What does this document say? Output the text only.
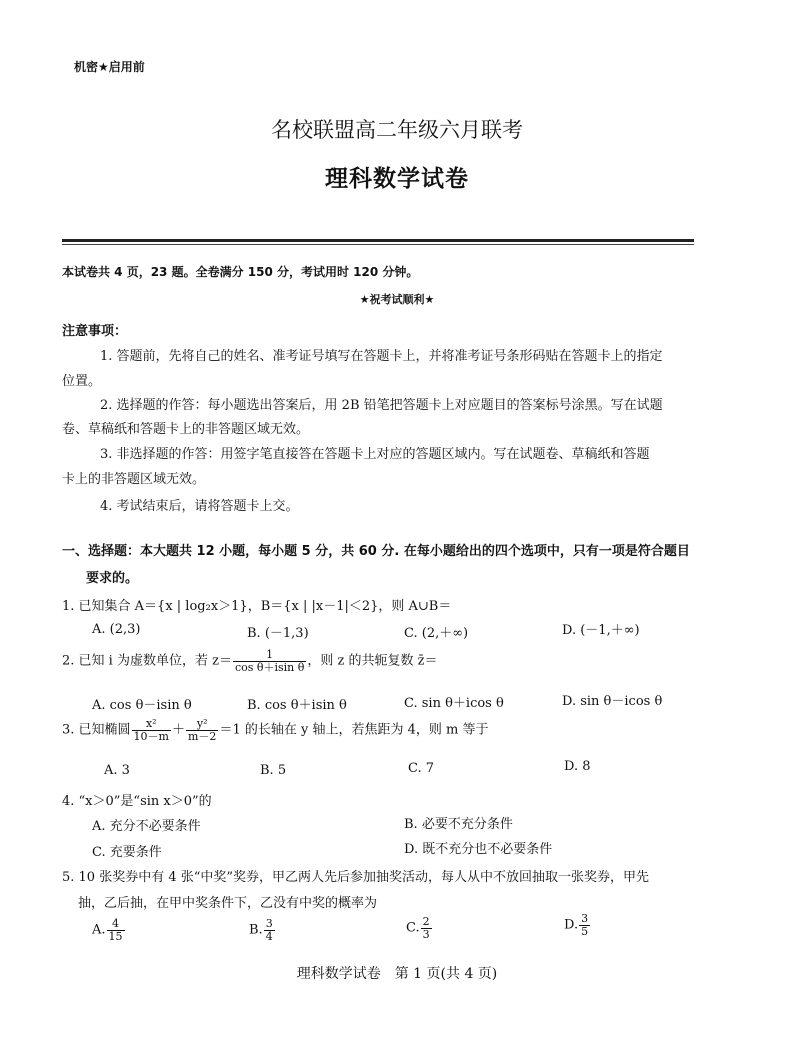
机密★启用前
名校联盟高二年级六月联考
理科数学试卷
本试卷共 4 页，23 题。全卷满分 150 分，考试用时 120 分钟。
★祝考试顺利★
注意事项：
1. 答题前，先将自己的姓名、准考证号填写在答题卡上，并将准考证号条形码贴在答题卡上的指定
位置。
2. 选择题的作答：每小题选出答案后，用 2B 铅笔把答题卡上对应题目的答案标号涂黑。写在试题
卷、草稿纸和答题卡上的非答题区域无效。
3. 非选择题的作答：用签字笔直接答在答题卡上对应的答题区域内。写在试题卷、草稿纸和答题
卡上的非答题区域无效。
4. 考试结束后，请将答题卡上交。
一、选择题：本大题共 12 小题，每小题 5 分，共 60 分. 在每小题给出的四个选项中，只有一项是符合题目
要求的。
1. 已知集合 A＝{x | log₂x＞1}，B＝{x | |x－1|＜2}，则 A∪B＝
A. (2,3)	B. (－1,3)	C. (2,＋∞)	D. (－1,＋∞)
2. 已知 i 为虚数单位，若 $z= \frac{1}{\text{cos θ＋isin θ}}$ ，则 z 的共轭复数 z̄＝
A. cos θ－isin θ	B. cos θ＋isin θ	C. sin θ＋icos θ	D. sin θ－icos θ
3. 已知椭圆 $\frac{\text{x²}}{10-m} + \frac{\text{y²}}{m-2} =1$ 的长轴在 y 轴上，若焦距为 4，则 m 等于
A. 3	B. 5	C. 7	D. 8
4. “x＞0”是“sin x＞0”的
A. 充分不必要条件	B. 必要不充分条件
C. 充要条件	D. 既不充分也不必要条件
5. 10 张奖券中有 4 张“中奖”奖券，甲乙两人先后参加抽奖活动，每人从中不放回抽取一张奖券，甲先
抽，乙后抽，在甲中奖条件下，乙没有中奖的概率为
A. $\frac{4}{15}$	B. $\frac{3}{4}$	C. $\frac{2}{3}$	D. $\frac{3}{5}$
理科数学试卷　第 1 页(共 4 页)
